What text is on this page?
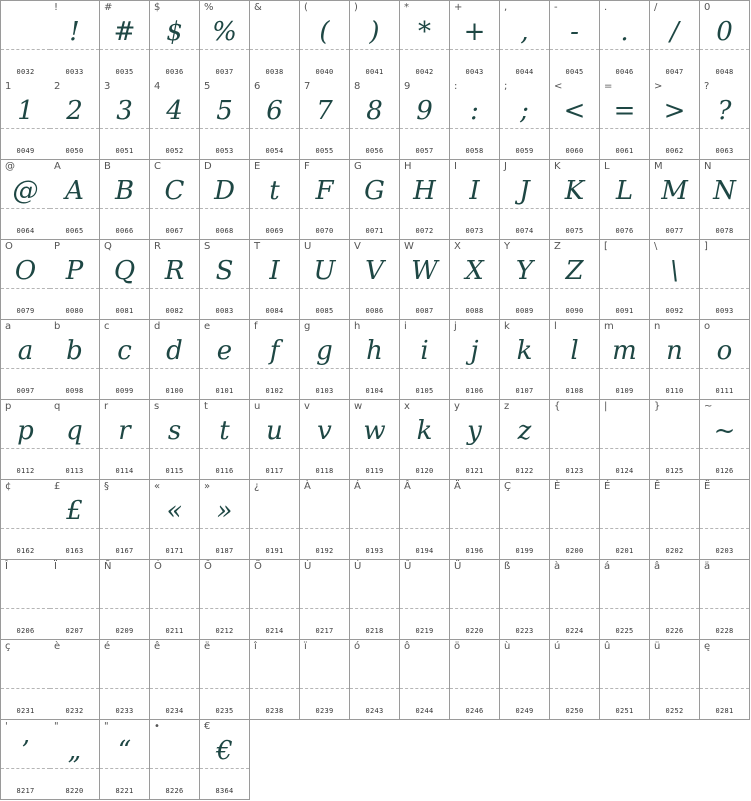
0032
!
!
0033
#
#
0035
$
$
0036
%
%
0037
&
0038
(
(
0040
)
)
0041
*
*
0042
+
+
0043
,
,
0044
-
-
0045
.
.
0046
/
/
0047
0
0
0048
1
1
0049
2
2
0050
3
3
0051
4
4
0052
5
5
0053
6
6
0054
7
7
0055
8
8
0056
9
9
0057
:
:
0058
;
;
0059
<
<
0060
=
=
0061
>
>
0062
?
?
0063
@
@
0064
A
A
0065
B
B
0066
C
C
0067
D
D
0068
E
t
0069
F
F
0070
G
G
0071
H
H
0072
I
I
0073
J
J
0074
K
K
0075
L
L
0076
M
M
0077
N
N
0078
O
O
0079
P
P
0080
Q
Q
0081
R
R
0082
S
S
0083
T
I
0084
U
U
0085
V
V
0086
W
W
0087
X
X
0088
Y
Y
0089
Z
Z
0090
[
0091
\
\
0092
]
0093
a
a
0097
b
b
0098
c
c
0099
d
d
0100
e
e
0101
f
f
0102
g
g
0103
h
h
0104
i
i
0105
j
j
0106
k
k
0107
l
l
0108
m
m
0109
n
n
0110
o
o
0111
p
p
0112
q
q
0113
r
r
0114
s
s
0115
t
t
0116
u
u
0117
v
v
0118
w
w
0119
x
k
0120
y
y
0121
z
z
0122
{
0123
|
0124
}
0125
~
~
0126
¢
0162
£
£
0163
§
0167
«
«
0171
»
»
0187
¿
0191
À
0192
Á
0193
Â
0194
Ä
0196
Ç
0199
È
0200
É
0201
Ê
0202
Ë
0203
Î
0206
Ï
0207
Ñ
0209
Ó
0211
Ô
0212
Ö
0214
Ù
0217
Ú
0218
Û
0219
Ü
0220
ß
0223
à
0224
á
0225
â
0226
ä
0228
ç
0231
è
0232
é
0233
ê
0234
ë
0235
î
0238
ï
0239
ó
0243
ô
0244
ö
0246
ù
0249
ú
0250
û
0251
ü
0252
ę
0281
'
’
8217
"
„
8220
"
“
8221
•
8226
€
€
8364
